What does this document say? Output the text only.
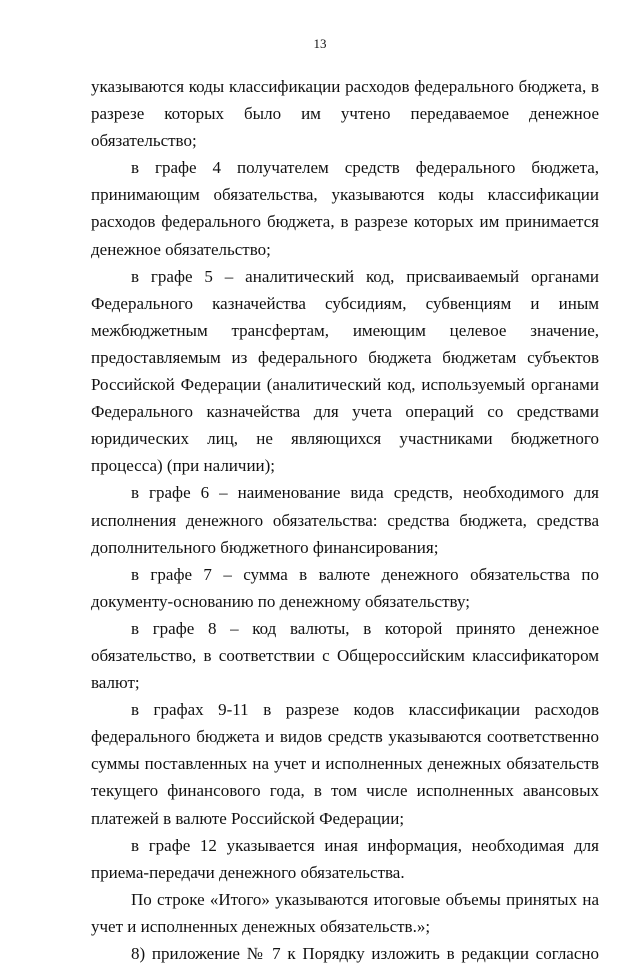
13

указываются коды классификации расходов федерального бюджета, в разрезе которых было им учтено передаваемое денежное обязательство;

в графе 4 получателем средств федерального бюджета, принимающим обязательства, указываются коды классификации расходов федерального бюджета, в разрезе которых им принимается денежное обязательство;

в графе 5 – аналитический код, присваиваемый органами Федерального казначейства субсидиям, субвенциям и иным межбюджетным трансфертам, имеющим целевое значение, предоставляемым из федерального бюджета бюджетам субъектов Российской Федерации (аналитический код, используемый органами Федерального казначейства для учета операций со средствами юридических лиц, не являющихся участниками бюджетного процесса) (при наличии);

в графе 6 – наименование вида средств, необходимого для исполнения денежного обязательства: средства бюджета, средства дополнительного бюджетного финансирования;

в графе 7 – сумма в валюте денежного обязательства по документу-основанию по денежному обязательству;

в графе 8 – код валюты, в которой принято денежное обязательство, в соответствии с Общероссийским классификатором валют;

в графах 9-11 в разрезе кодов классификации расходов федерального бюджета и видов средств указываются соответственно суммы поставленных на учет и исполненных денежных обязательств текущего финансового года, в том числе исполненных авансовых платежей в валюте Российской Федерации;

в графе 12 указывается иная информация, необходимая для приема-передачи денежного обязательства.

По строке «Итого» указываются итоговые объемы принятых на учет и исполненных денежных обязательств.»;

8) приложение № 7 к Порядку изложить в редакции согласно
